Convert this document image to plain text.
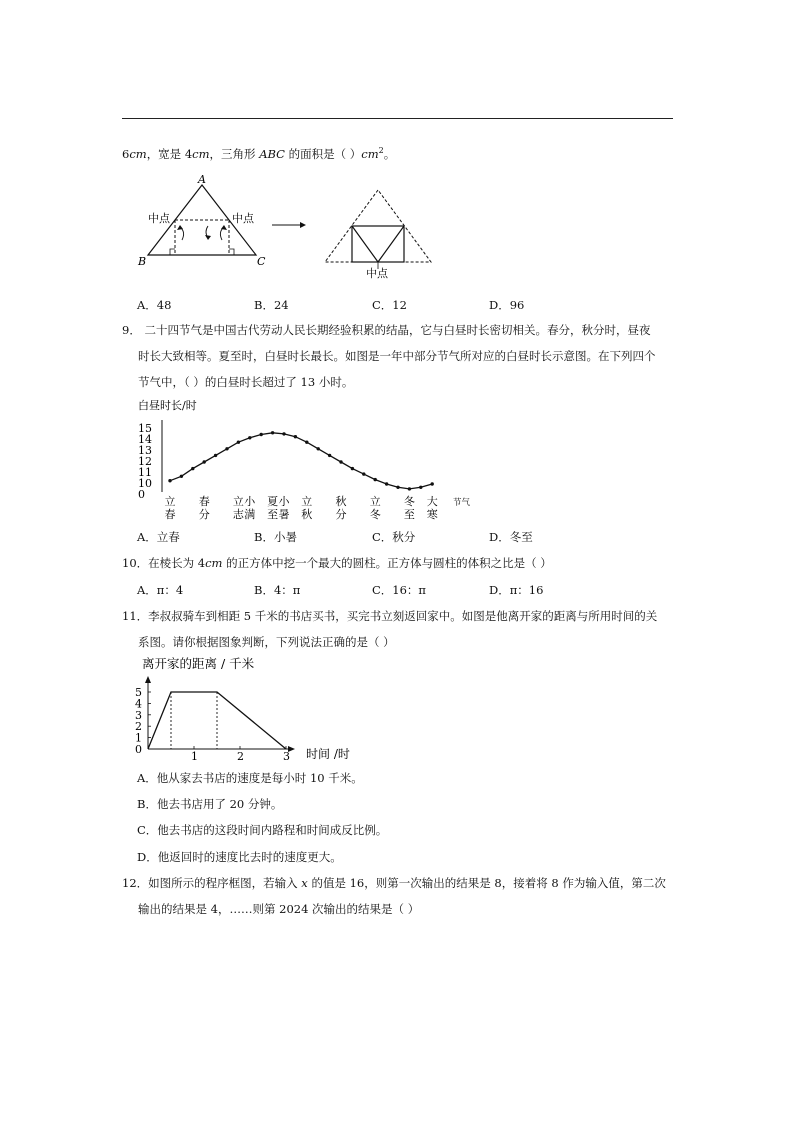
6cm，宽是 4cm，三角形 ABC 的面积是（ ）$cm^2$。
A
B	C
中点	中点
中点
A．48	B．24	C．12	D．96
9． 二十四节气是中国古代劳动人民长期经验积累的结晶，它与白昼时长密切相关。春分，秋分时，昼夜
时长大致相等。夏至时，白昼时长最长。如图是一年中部分节气所对应的白昼时长示意图。在下列四个
节气中，（ ）的白昼时长超过了 13 小时。
白昼时长/时
15
14
13
12
11
10
0
立
春
春
分
立
志
小
满
夏
至
小
暑
立
秋
秋
分
立
冬
冬
至
大
寒
节气
A．立春	B．小暑	C．秋分	D．冬至
10．在棱长为 4cm 的正方体中挖一个最大的圆柱。正方体与圆柱的体积之比是（ ）
A．π：4	B．4：π	C．16：π	D．π：16
11．李叔叔骑车到相距 5 千米的书店买书，买完书立刻返回家中。如图是他离开家的距离与所用时间的关
系图。请你根据图象判断，下列说法正确的是（ ）
离开家的距离 / 千米
5
4
3
2
1
0
1	2	3 时间 /时
A．他从家去书店的速度是每小时 10 千米。
B．他去书店用了 20 分钟。
C．他去书店的这段时间内路程和时间成反比例。
D．他返回时的速度比去时的速度更大。
12．如图所示的程序框图，若输入 x 的值是 16，则第一次输出的结果是 8，接着将 8 作为输入值，第二次
输出的结果是 4，……则第 2024 次输出的结果是（ ）
